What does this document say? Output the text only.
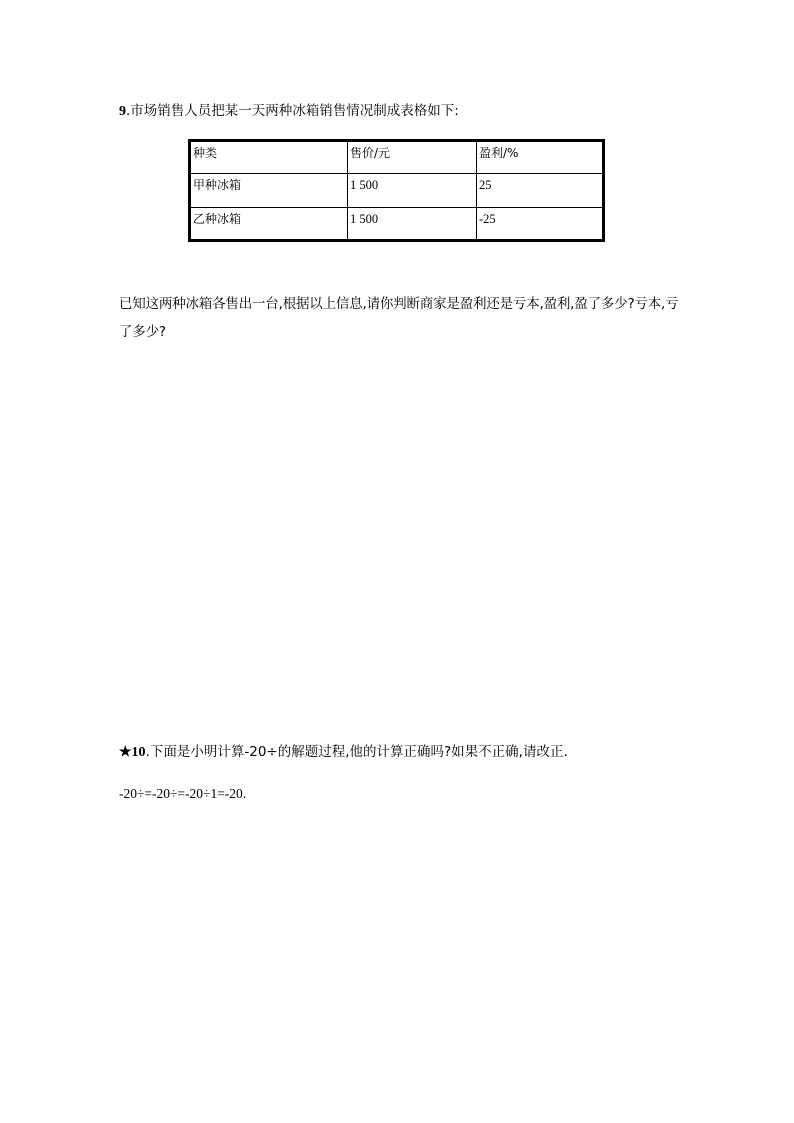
9.市场销售人员把某一天两种冰箱销售情况制成表格如下:
种类	售价/元	盈利/%
甲种冰箱	1 500	25
乙种冰箱	1 500	-25
已知这两种冰箱各售出一台,根据以上信息,请你判断商家是盈利还是亏本,盈利,盈了多少?亏本,亏了多少?
★10.下面是小明计算-20÷的解题过程,他的计算正确吗?如果不正确,请改正.
-20÷=-20÷=-20÷1=-20.
